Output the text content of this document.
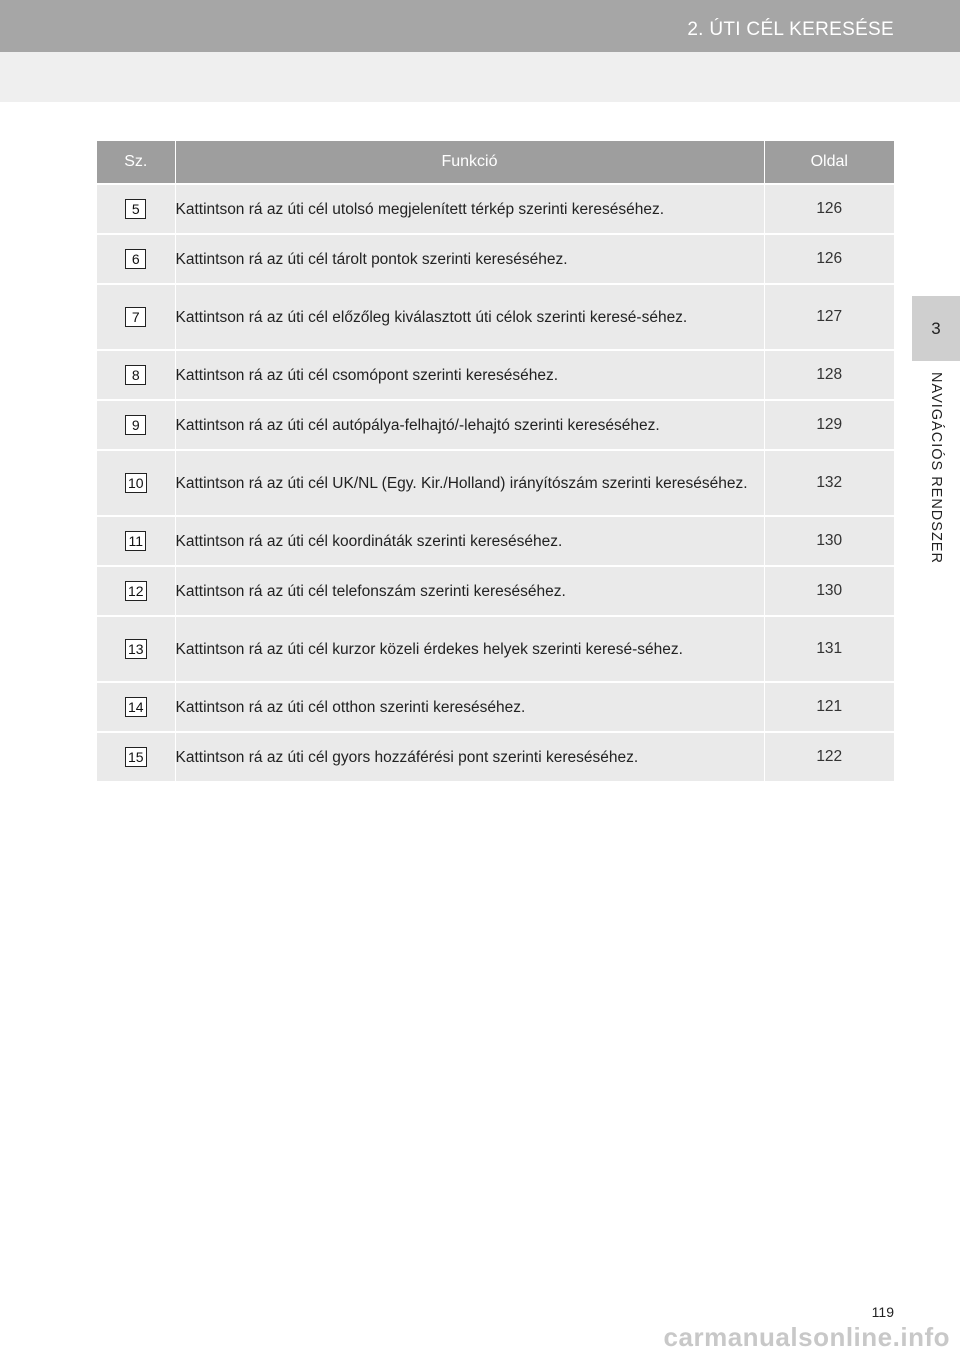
2. ÚTI CÉL KERESÉSE
3
NAVIGÁCIÓS RENDSZER
Sz.	Funkció	Oldal
5	Kattintson rá az úti cél utolsó megjelenített térkép szerinti kereséséhez.	126
6	Kattintson rá az úti cél tárolt pontok szerinti kereséséhez.	126
7	Kattintson rá az úti cél előzőleg kiválasztott úti célok szerinti keresé-séhez.	127
8	Kattintson rá az úti cél csomópont szerinti kereséséhez.	128
9	Kattintson rá az úti cél autópálya-felhajtó/-lehajtó szerinti kereséséhez.	129
10	Kattintson rá az úti cél UK/NL (Egy. Kir./Holland) irányítószám szerinti kereséséhez.	132
11	Kattintson rá az úti cél koordináták szerinti kereséséhez.	130
12	Kattintson rá az úti cél telefonszám szerinti kereséséhez.	130
13	Kattintson rá az úti cél kurzor közeli érdekes helyek szerinti keresé-séhez.	131
14	Kattintson rá az úti cél otthon szerinti kereséséhez.	121
15	Kattintson rá az úti cél gyors hozzáférési pont szerinti kereséséhez.	122
119
carmanualsonline.info
